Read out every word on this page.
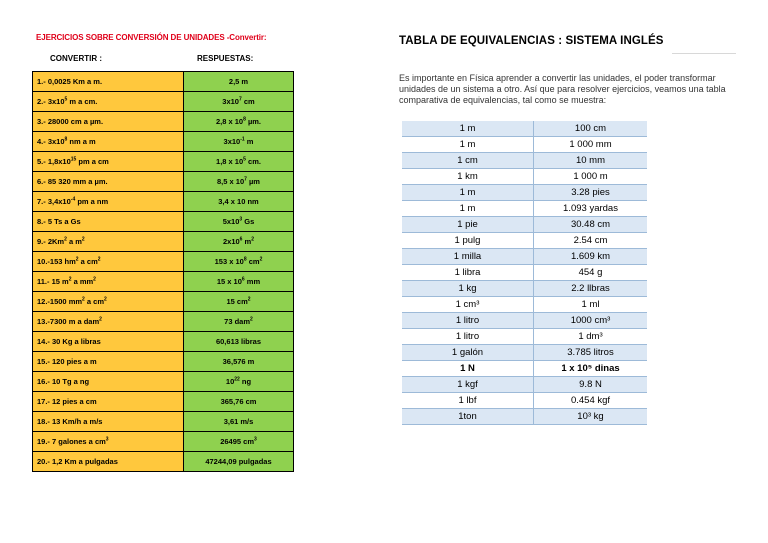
EJERCICIOS SOBRE CONVERSIÓN DE UNIDADES -Convertir:
CONVERTIR :	RESPUESTAS:
1.- 0,0025 Km a m.	2,5 m
2.- $3x10^5$ m a cm.	$3x10^7$ cm
3.- 28000 cm a µm.	2,8 x $10^8$ µm.
4.- $3x10^8$ nm a m	$3x10^{-1}$ m
5.- $1,8x10^{15}$ pm a cm	1,8 x $10^5$ cm.
6.- 85 320 mm a µm.	8,5 x $10^7$ µm
7.- $3,4x10^{-4}$ pm a nm	3,4 x 10 nm
8.- 5 Ts a Gs	$5x10^3$ Gs
9.- 2Km$^2$ a $m^2$	$2x10^6$ $m^2$
10.-153 $hm^2$ a $cm^2$	153 x $10^8$ $cm^2$
11.- 15 $m^2$ a $mm^2$	15 x $10^6$ mm
12.-1500 $mm^2$ a $cm^2$	15 $cm^2$
13.-7300 m a dam$^2$	73 dam$^2$
14.- 30 Kg a libras	60,613 libras
15.- 120 pies a m	36,576 m
16.- 10 Tg a ng	$10^{22}$ ng
17.- 12 pies a cm	365,76 cm
18.- 13 Km/h a m/s	3,61 m/s
19.- 7 galones a $cm^3$	26495 $cm^3$
20.- 1,2 Km a pulgadas	47244,09 pulgadas
TABLA DE EQUIVALENCIAS : SISTEMA INGLÉS
Es importante en Física aprender a convertir las unidades, el poder transformar unidades de un sistema a otro. Así que para resolver ejercicios, veamos una tabla comparativa de equivalencias, tal como se muestra:
1 m	100 cm
1 m	1 000 mm
1 cm	10 mm
1 km	1 000 m
1 m	3.28 pies
1 m	1.093 yardas
1 pie	30.48 cm
1 pulg	2.54 cm
1 milla	1.609 km
1 libra	454 g
1 kg	2.2 llbras
1 cm³	1 ml
1 litro	1000 cm³
1 litro	1 dm³
1 galón	3.785 litros
1 N	1 x 10⁵ dinas
1 kgf	9.8 N
1 lbf	0.454 kgf
1ton	10³ kg
